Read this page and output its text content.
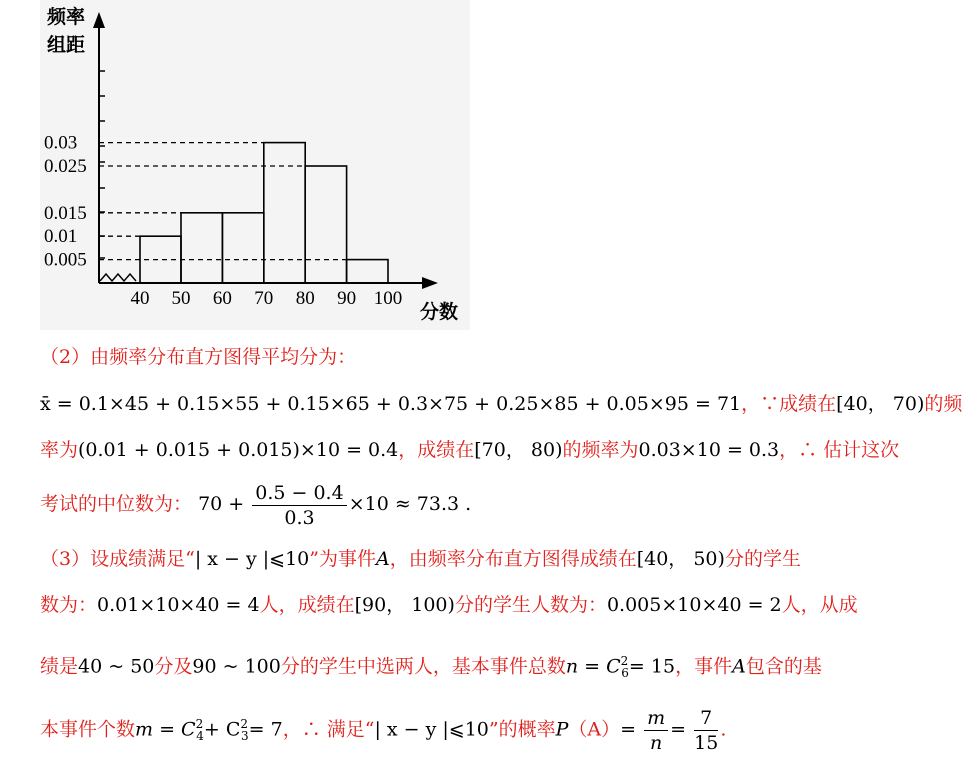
0.005
0.01
0.015
0.025
0.03
40 50 60 70 80 90 100
频率
组距
分数
（2）由频率分布直方图得平均分为：
x̄ = 0.1×45 + 0.15×55 + 0.15×65 + 0.3×75 + 0.25×85 + 0.05×95 = 71，∵成绩在[40， 70)的频
率为(0.01 + 0.015 + 0.015)×10 = 0.4，成绩在[70， 80)的频率为0.03×10 = 0.3，∴ 估计这次
考试的中位数为： $70 + \frac{0.5 - 0.4}{0.3} \times 10 \approx 73.3$ .
（3）设成绩满足“| x − y |⩽10”为事件A，由频率分布直方图得成绩在[40， 50)分的学生
数为：0.01×10×40 = 4人，成绩在[90， 100)分的学生人数为：0.005×10×40 = 2人，从成
绩是40 ~ 50分及90 ~ 100分的学生中选两人，基本事件总数$n = C^2_6= 15$，事件A包含的基
本事件个数$m = C^2_4+ C^2_3= 7$，∴ 满足“| x − y |⩽10”的概率$P(A)= \frac{m}{n} = \frac{7}{15}$ .
